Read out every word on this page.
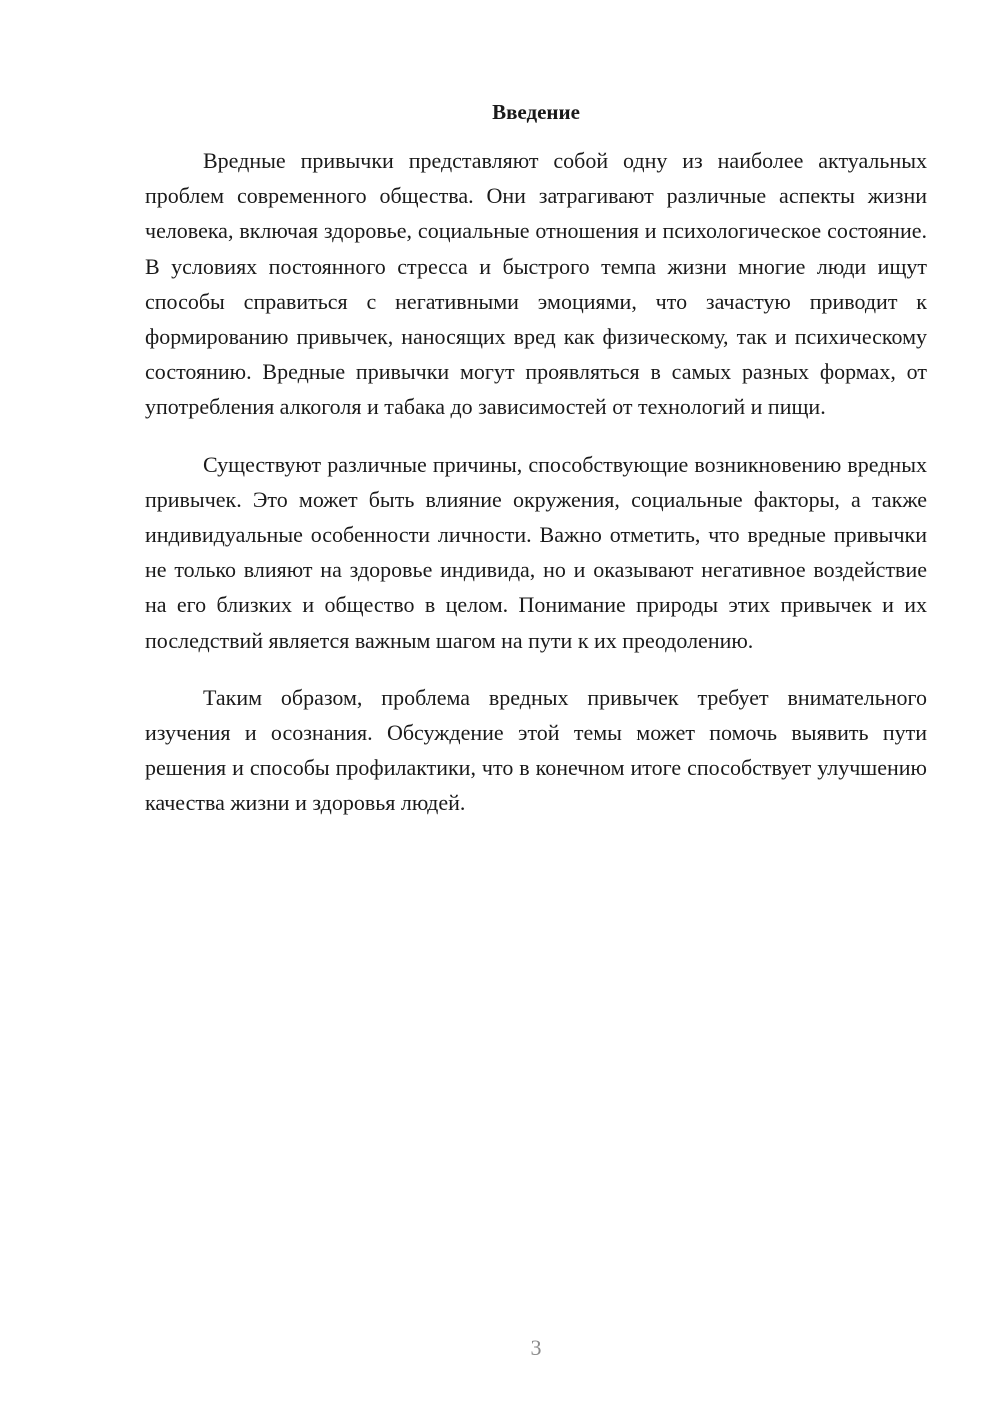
Введение

Вредные привычки представляют собой одну из наиболее актуальных проблем современного общества. Они затрагивают различные аспекты жизни человека, включая здоровье, социальные отношения и психологическое состояние. В условиях постоянного стресса и быстрого темпа жизни многие люди ищут способы справиться с негативными эмоциями, что зачастую приводит к формированию привычек, наносящих вред как физическому, так и психическому состоянию. Вредные привычки могут проявляться в самых разных формах, от употребления алкоголя и табака до зависимостей от технологий и пищи.

Существуют различные причины, способствующие возникновению вредных привычек. Это может быть влияние окружения, социальные факторы, а также индивидуальные особенности личности. Важно отметить, что вредные привычки не только влияют на здоровье индивида, но и оказывают негативное воздействие на его близких и общество в целом. Понимание природы этих привычек и их последствий является важным шагом на пути к их преодолению.

Таким образом, проблема вредных привычек требует внимательного изучения и осознания. Обсуждение этой темы может помочь выявить пути решения и способы профилактики, что в конечном итоге способствует улучшению качества жизни и здоровья людей.

3
